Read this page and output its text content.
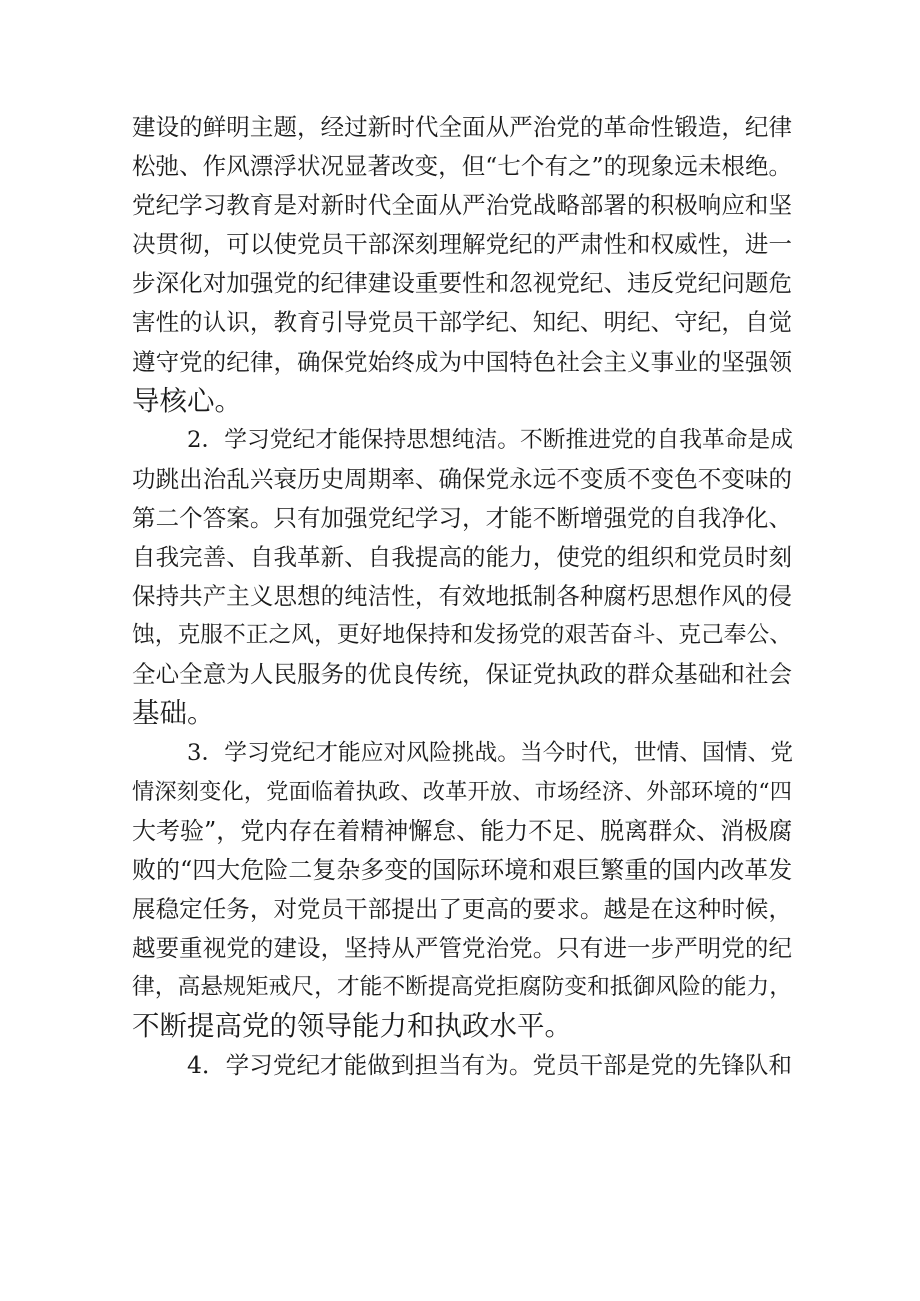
建设的鲜明主题，经过新时代全面从严治党的革命性锻造，纪律
松弛、作风漂浮状况显著改变，但“七个有之”的现象远未根绝。
党纪学习教育是对新时代全面从严治党战略部署的积极响应和坚
决贯彻，可以使党员干部深刻理解党纪的严肃性和权威性，进一
步深化对加强党的纪律建设重要性和忽视党纪、违反党纪问题危
害性的认识，教育引导党员干部学纪、知纪、明纪、守纪，自觉
遵守党的纪律，确保党始终成为中国特色社会主义事业的坚强领
导核心。
2．学习党纪才能保持思想纯洁。不断推进党的自我革命是成
功跳出治乱兴衰历史周期率、确保党永远不变质不变色不变味的
第二个答案。只有加强党纪学习，才能不断增强党的自我净化、
自我完善、自我革新、自我提高的能力，使党的组织和党员时刻
保持共产主义思想的纯洁性，有效地抵制各种腐朽思想作风的侵
蚀，克服不正之风，更好地保持和发扬党的艰苦奋斗、克己奉公、
全心全意为人民服务的优良传统，保证党执政的群众基础和社会
基础。
3．学习党纪才能应对风险挑战。当今时代，世情、国情、党
情深刻变化，党面临着执政、改革开放、市场经济、外部环境的“四
大考验”，党内存在着精神懈怠、能力不足、脱离群众、消极腐
败的“四大危险二复杂多变的国际环境和艰巨繁重的国内改革发
展稳定任务，对党员干部提出了更高的要求。越是在这种时候，
越要重视党的建设，坚持从严管党治党。只有进一步严明党的纪
律，高悬规矩戒尺，才能不断提高党拒腐防变和抵御风险的能力，
不断提高党的领导能力和执政水平。
4．学习党纪才能做到担当有为。党员干部是党的先锋队和
